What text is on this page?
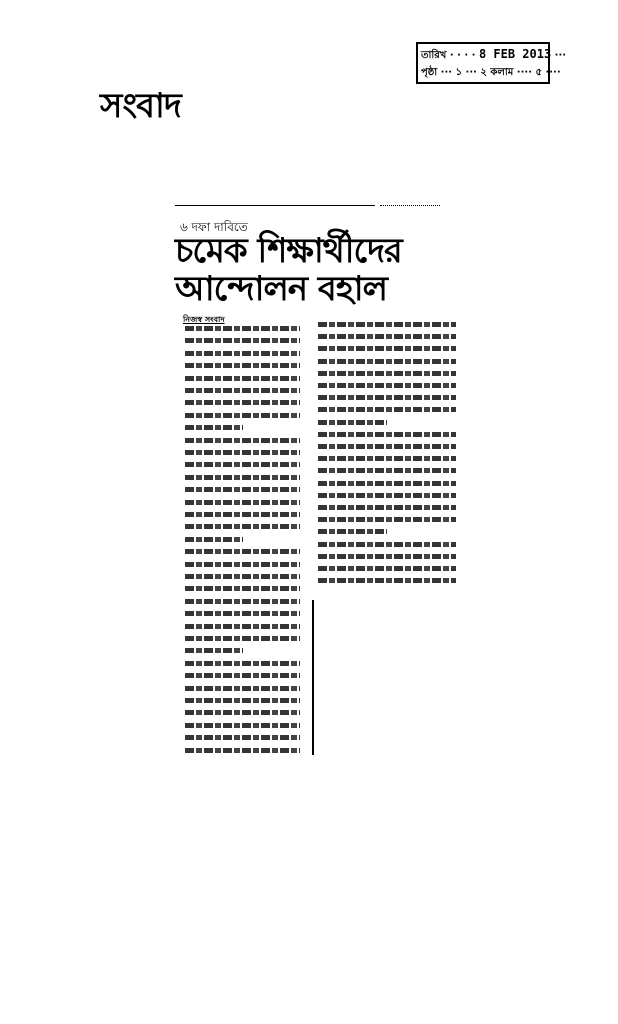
সংবাদ
তারিখ · · · · 8 FEB 2013 ···
পৃষ্ঠা ··· ১ ··· ২ কলাম ···· ৫ ····
৬ দফা দাবিতে
চমেক শিক্ষার্থীদের
আন্দোলন বহাল
নিজস্ব সংবাদ
